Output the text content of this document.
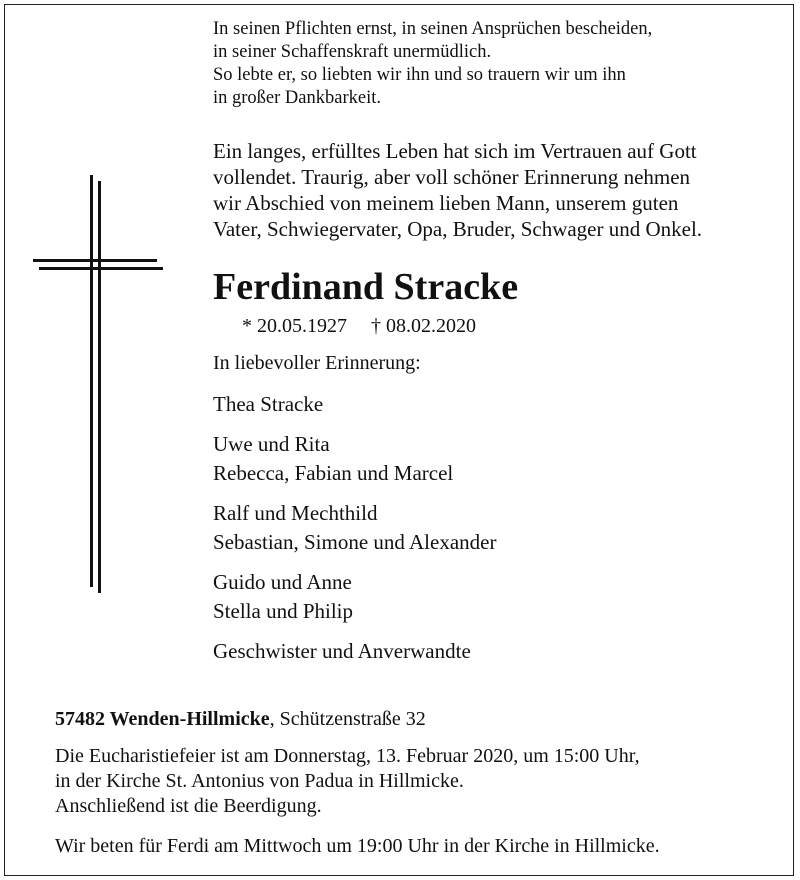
In seinen Pflichten ernst, in seinen Ansprüchen bescheiden,
in seiner Schaffenskraft unermüdlich.
So lebte er, so liebten wir ihn und so trauern wir um ihn
in großer Dankbarkeit.
Ein langes, erfülltes Leben hat sich im Vertrauen auf Gott
vollendet. Traurig, aber voll schöner Erinnerung nehmen
wir Abschied von meinem lieben Mann, unserem guten
Vater, Schwiegervater, Opa, Bruder, Schwager und Onkel.
Ferdinand Stracke
* 20.05.1927 † 08.02.2020
In liebevoller Erinnerung:
Thea Stracke
Uwe und Rita
Rebecca, Fabian und Marcel
Ralf und Mechthild
Sebastian, Simone und Alexander
Guido und Anne
Stella und Philip
Geschwister und Anverwandte
57482 Wenden-Hillmicke, Schützenstraße 32
Die Eucharistiefeier ist am Donnerstag, 13. Februar 2020, um 15:00 Uhr,
in der Kirche St. Antonius von Padua in Hillmicke.
Anschließend ist die Beerdigung.
Wir beten für Ferdi am Mittwoch um 19:00 Uhr in der Kirche in Hillmicke.
